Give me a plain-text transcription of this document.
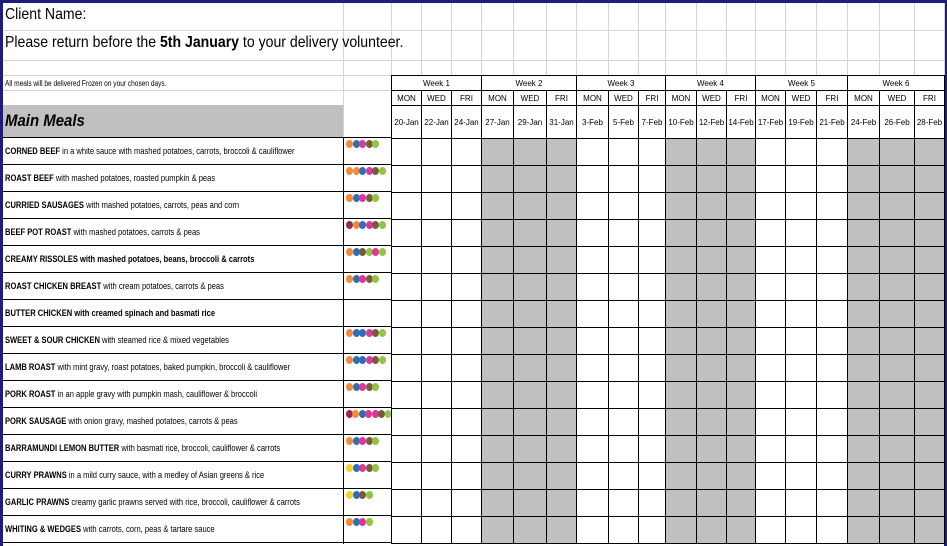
Client Name:
Please return before the 5th January to your delivery volunteer.
All meals will be delivered Frozen on your chosen days.
Main Meals
Week 1			Week 2			Week 3			Week 4			Week 5			Week 6		
MON	WED	FRI	MON	WED	FRI	MON	WED	FRI	MON	WED	FRI	MON	WED	FRI	MON	WED	FRI
20-Jan	22-Jan	24-Jan	27-Jan	29-Jan	31-Jan	3-Feb	5-Feb	7-Feb	10-Feb	12-Feb	14-Feb	17-Feb	19-Feb	21-Feb	24-Feb	26-Feb	28-Feb

CORNED BEEF in a white sauce with mashed potatoes, carrots, broccoli & cauliflower
ROAST BEEF with mashed potatoes, roasted pumpkin & peas
CURRIED SAUSAGES with mashed potatoes, carrots, peas and corn
BEEF POT ROAST with mashed potatoes, carrots & peas
CREAMY RISSOLES with mashed potatoes, beans, broccoli & carrots
ROAST CHICKEN BREAST with cream potatoes, carrots & peas
BUTTER CHICKEN with creamed spinach and basmati rice
SWEET & SOUR CHICKEN with steamed rice & mixed vegetables
LAMB ROAST with mint gravy, roast potatoes, baked pumpkin, broccoli & cauliflower
PORK ROAST in an apple gravy with pumpkin mash, cauliflower & broccoli
PORK SAUSAGE with onion gravy, mashed potatoes, carrots & peas
BARRAMUNDI LEMON BUTTER with basmati rice, broccoli, cauliflower & carrots
CURRY PRAWNS in a mild curry sauce, with a medley of Asian greens & rice
GARLIC PRAWNS creamy garlic prawns served with rice, broccoli, cauliflower & carrots
WHITING & WEDGES with carrots, corn, peas & tartare sauce
